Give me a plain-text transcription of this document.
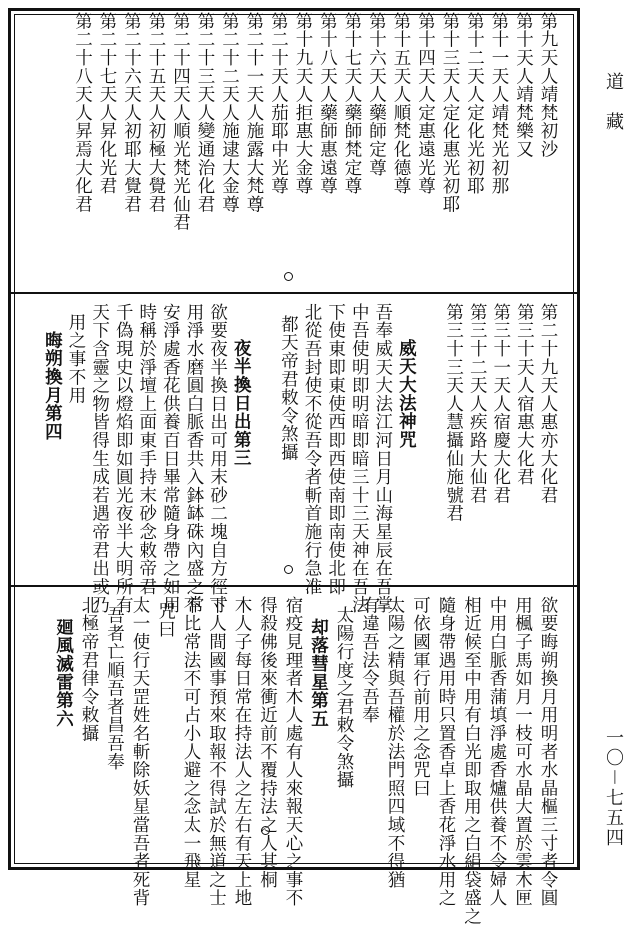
道　藏
一〇－七五四
第九天人靖梵初沙
第十天人靖梵樂又
第十一天人靖梵光初那
第十二天人定化光初耶
第十三天人定化惠光初耶
第十四天人定惠遠光尊
第十五天人順梵化德尊
第十六天人藥師定尊
第十七天人藥師梵定尊
第十八天人藥師惠遠尊
第十九天人拒惠大金尊
第二十天人茄耶中光尊
第二十一天人施露大梵尊
第二十二天人施逮大金尊
第二十三天人變通治化君
第二十四天人順光梵光仙君
第二十五天人初極大覺君
第二十六天人初耶大覺君
第二十七天人昇化光君
第二十八天人昇焉大化君
第二十九天人惠亦大化君
第三十天人宿惠大化君
第三十一天人宿慶大化君
第三十二天人疾路大仙君
第三十三天人慧攝仙施號君
威天大法神咒
吾奉威天大法江河日月山海星辰在吾掌
中吾使明即明暗即暗三十三天神在吾法
下使東即東使西即西使南即南使北即
北從吾封使不從吾令者斬首施行急准
都天帝君敕令煞攝
夜半換日出第三
欲要夜半換日出可用末砂二塊自方徑寸
用淨水磨圓白脈香共入鉢缽硃內盛之常
安淨處香花供養百日畢常隨身帶之如用
時稱於淨壇上面東手持末砂念敕帝君
千偽現史以燈焰即如圓光夜半大明所有
天下含靈之物皆得生成若遇帝君出或乃
用之事不用
晦朔換月第四
欲要晦朔換月用明者水晶樞三寸者令圓
用楓子馬如月一枝可水晶大置於雲木匣
中用白脈香蒲填淨處香爐供養不令婦人
相近候至中用有白光即取用之白絹袋盛之
隨身帶遇用時只置香卓上香花淨水用之
可依國軍行前用之念咒曰
太陽之精與吾權於法門照四域不得猶
有違吾法令吾奉
太陽行度之君敕令煞攝
却落彗星第五
宿疫見理者木人處有人來報天心之事不
得殺佛後來衝近前不覆持法之人其桐
木人子每日常在持法人之左右有天上地
下人間國事預來取報不得試於無道之士
不比常法不可占小人避之念太一飛星
咒曰
太一使行天罡姓名斬除妖星當吾者死背
吾者亡順吾者昌吾奉
北極帝君律令敕攝
廻風滅雷第六
